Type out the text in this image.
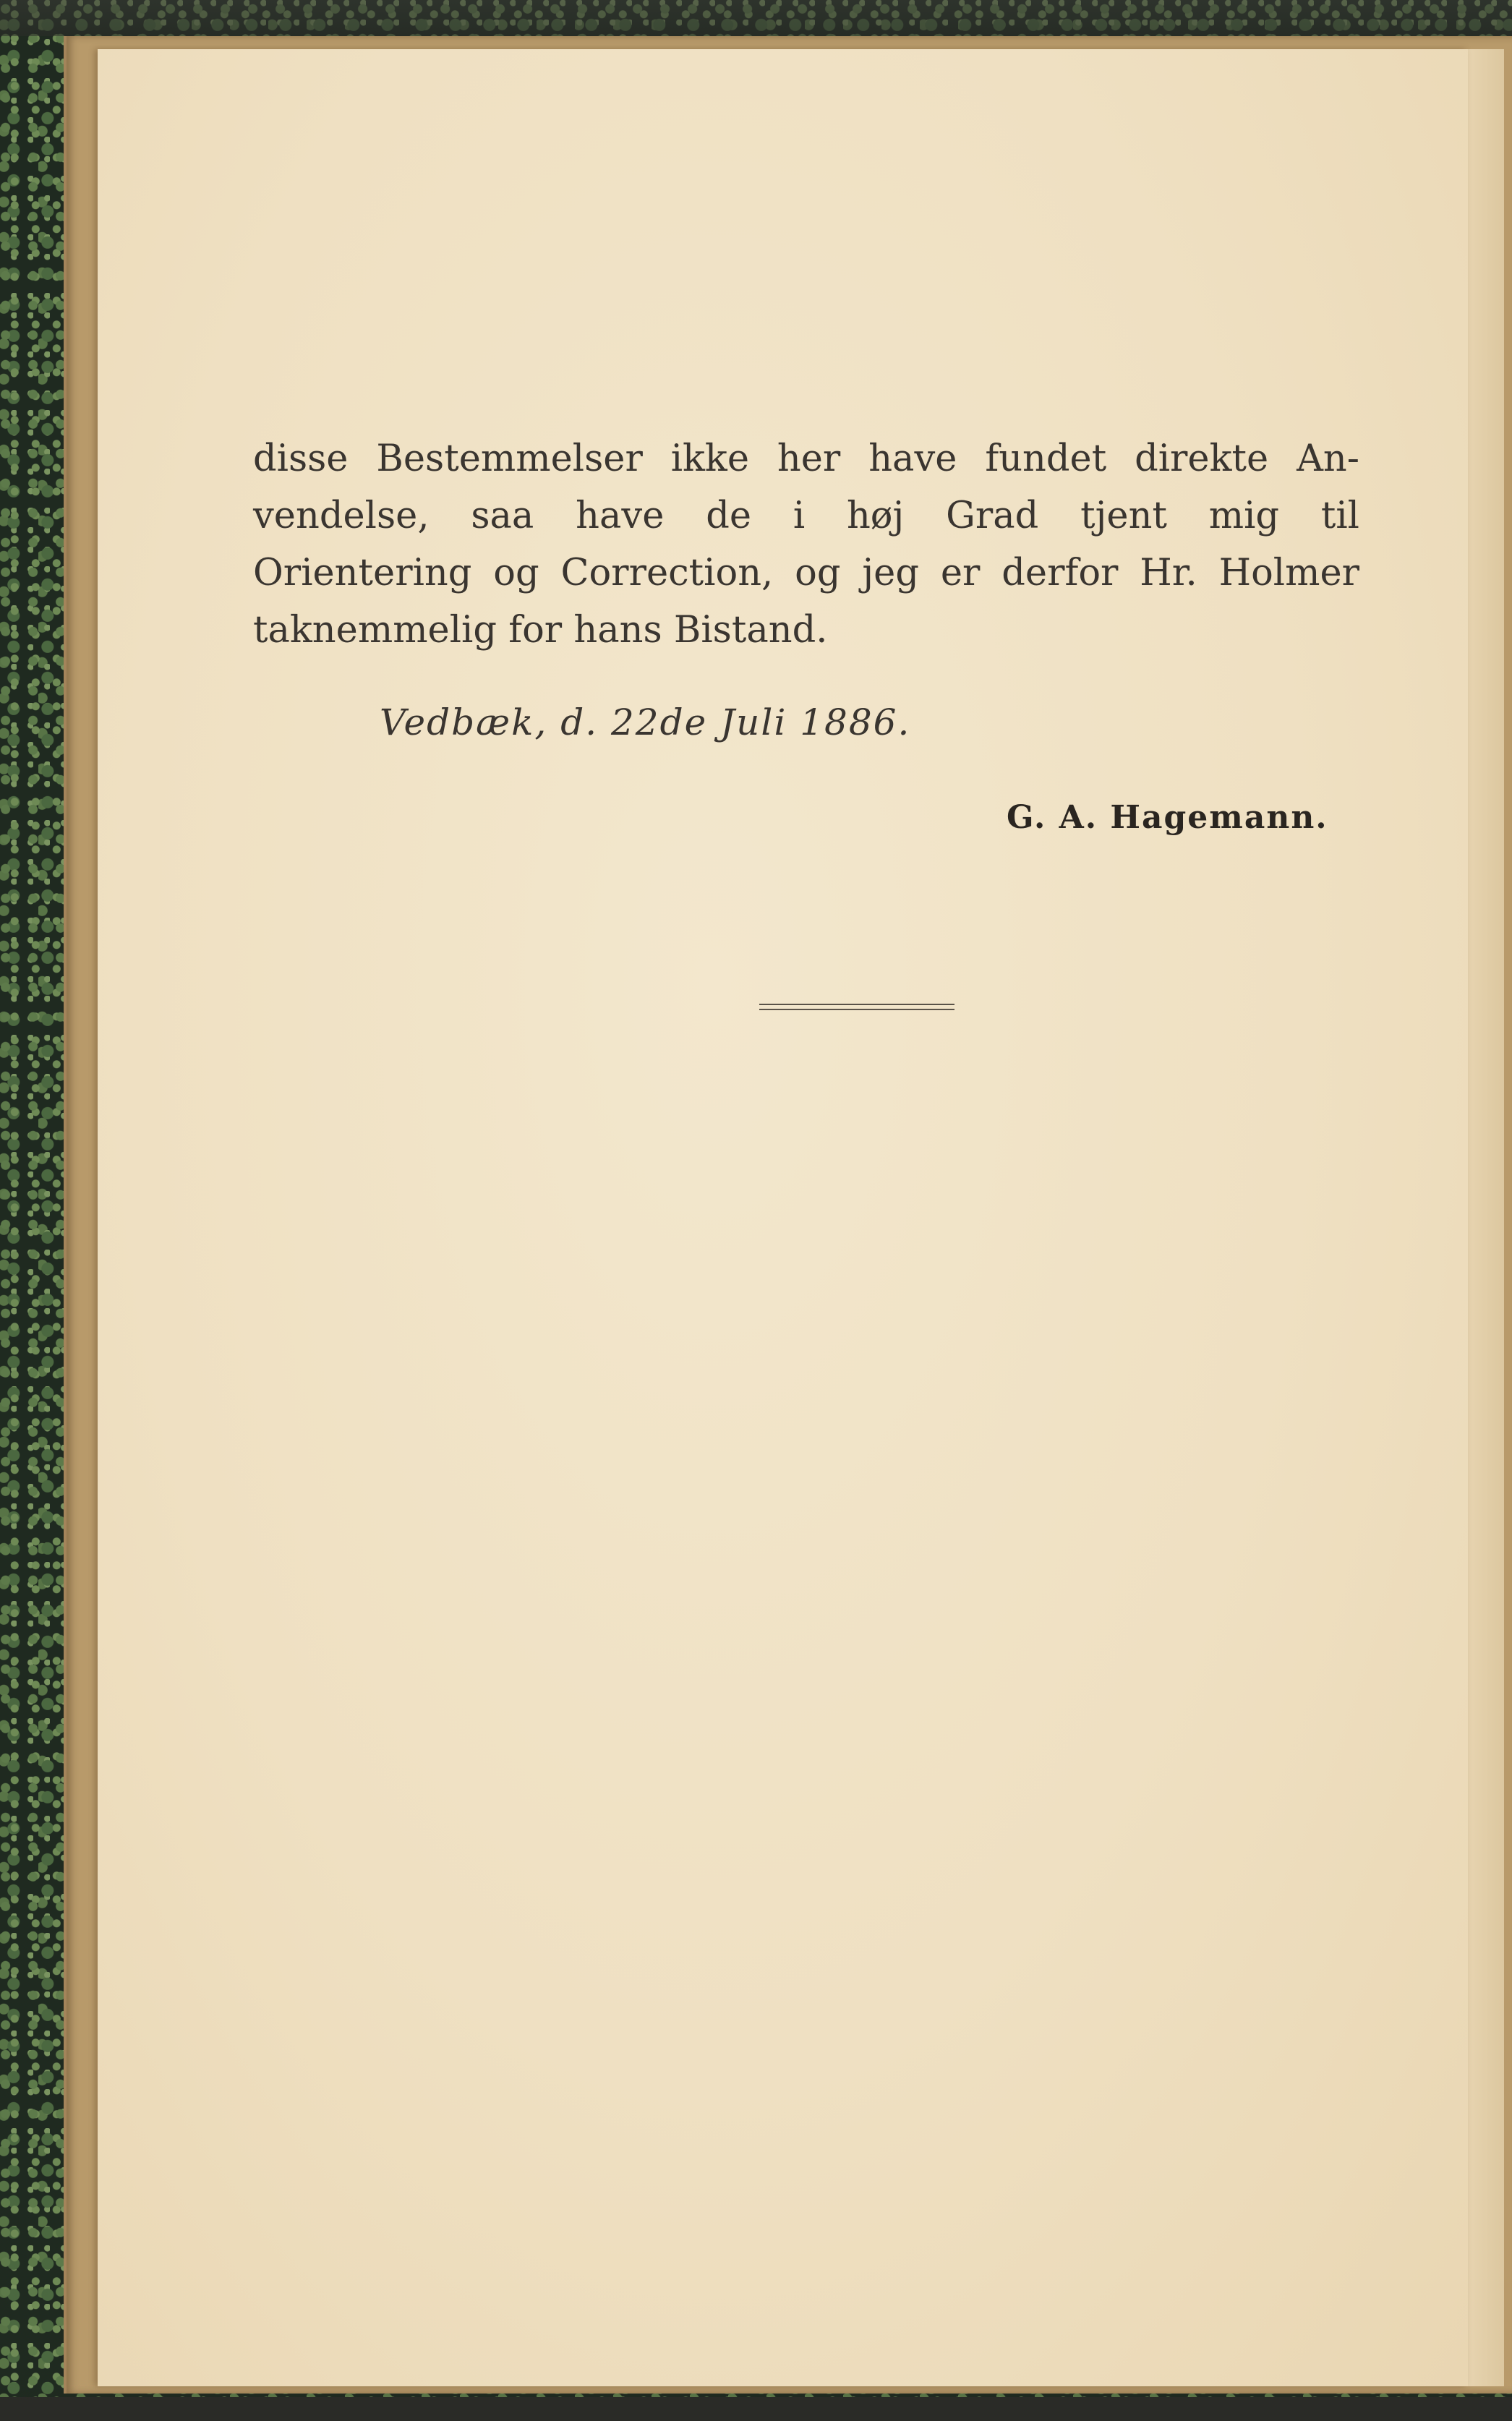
disse Bestemmelser ikke her have fundet direkte An-
vendelse, saa have de i høj Grad tjent mig til
Orientering og Correction, og jeg er derfor Hr. Holmer
taknemmelig for hans Bistand.

Vedbæk, d. 22de Juli 1886.
G. A. Hagemann.
